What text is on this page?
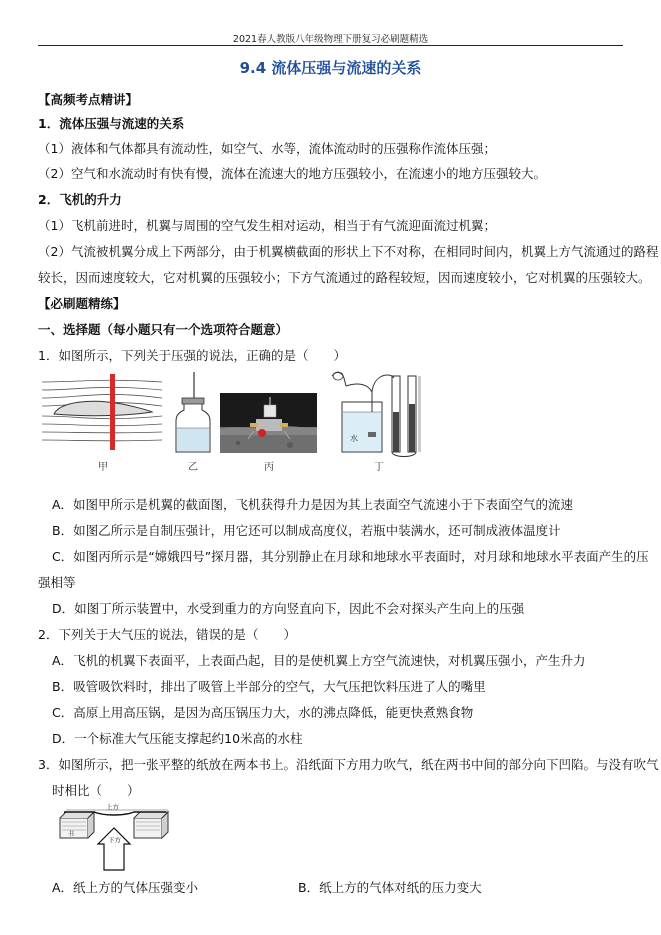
2021春人教版八年级物理下册复习必刷题精选
9.4 流体压强与流速的关系
【高频考点精讲】
1．流体压强与流速的关系
（1）液体和气体都具有流动性，如空气、水等，流体流动时的压强称作流体压强；
（2）空气和水流动时有快有慢，流体在流速大的地方压强较小，在流速小的地方压强较大。
2．飞机的升力
（1）飞机前进时，机翼与周围的空气发生相对运动，相当于有气流迎面流过机翼；
（2）气流被机翼分成上下两部分，由于机翼横截面的形状上下不对称，在相同时间内，机翼上方气流通过的路程
较长，因而速度较大，它对机翼的压强较小；下方气流通过的路程较短，因而速度较小，它对机翼的压强较大。
【必刷题精练】
一、选择题（每小题只有一个选项符合题意）
1．如图所示，下列关于压强的说法，正确的是（　　）
甲	乙	丙
水
丁
A．如图甲所示是机翼的截面图，飞机获得升力是因为其上表面空气流速小于下表面空气的流速
B．如图乙所示是自制压强计，用它还可以制成高度仪，若瓶中装满水，还可制成液体温度计
C．如图丙所示是“嫦娥四号”探月器，其分别静止在月球和地球水平表面时，对月球和地球水平表面产生的压
强相等
D．如图丁所示装置中，水受到重力的方向竖直向下，因此不会对探头产生向上的压强
2．下列关于大气压的说法，错误的是（　　）
A．飞机的机翼下表面平，上表面凸起，目的是使机翼上方空气流速快，对机翼压强小，产生升力
B．吸管吸饮料时，排出了吸管上半部分的空气，大气压把饮料压进了人的嘴里
C．高原上用高压锅，是因为高压锅压力大，水的沸点降低，能更快煮熟食物
D．一个标准大气压能支撑起约10米高的水柱
3．如图所示，把一张平整的纸放在两本书上。沿纸面下方用力吹气，纸在两书中间的部分向下凹陷。与没有吹气
时相比（　　）
书
上方
下方
A．纸上方的气体压强变小	B．纸上方的气体对纸的压力变大
